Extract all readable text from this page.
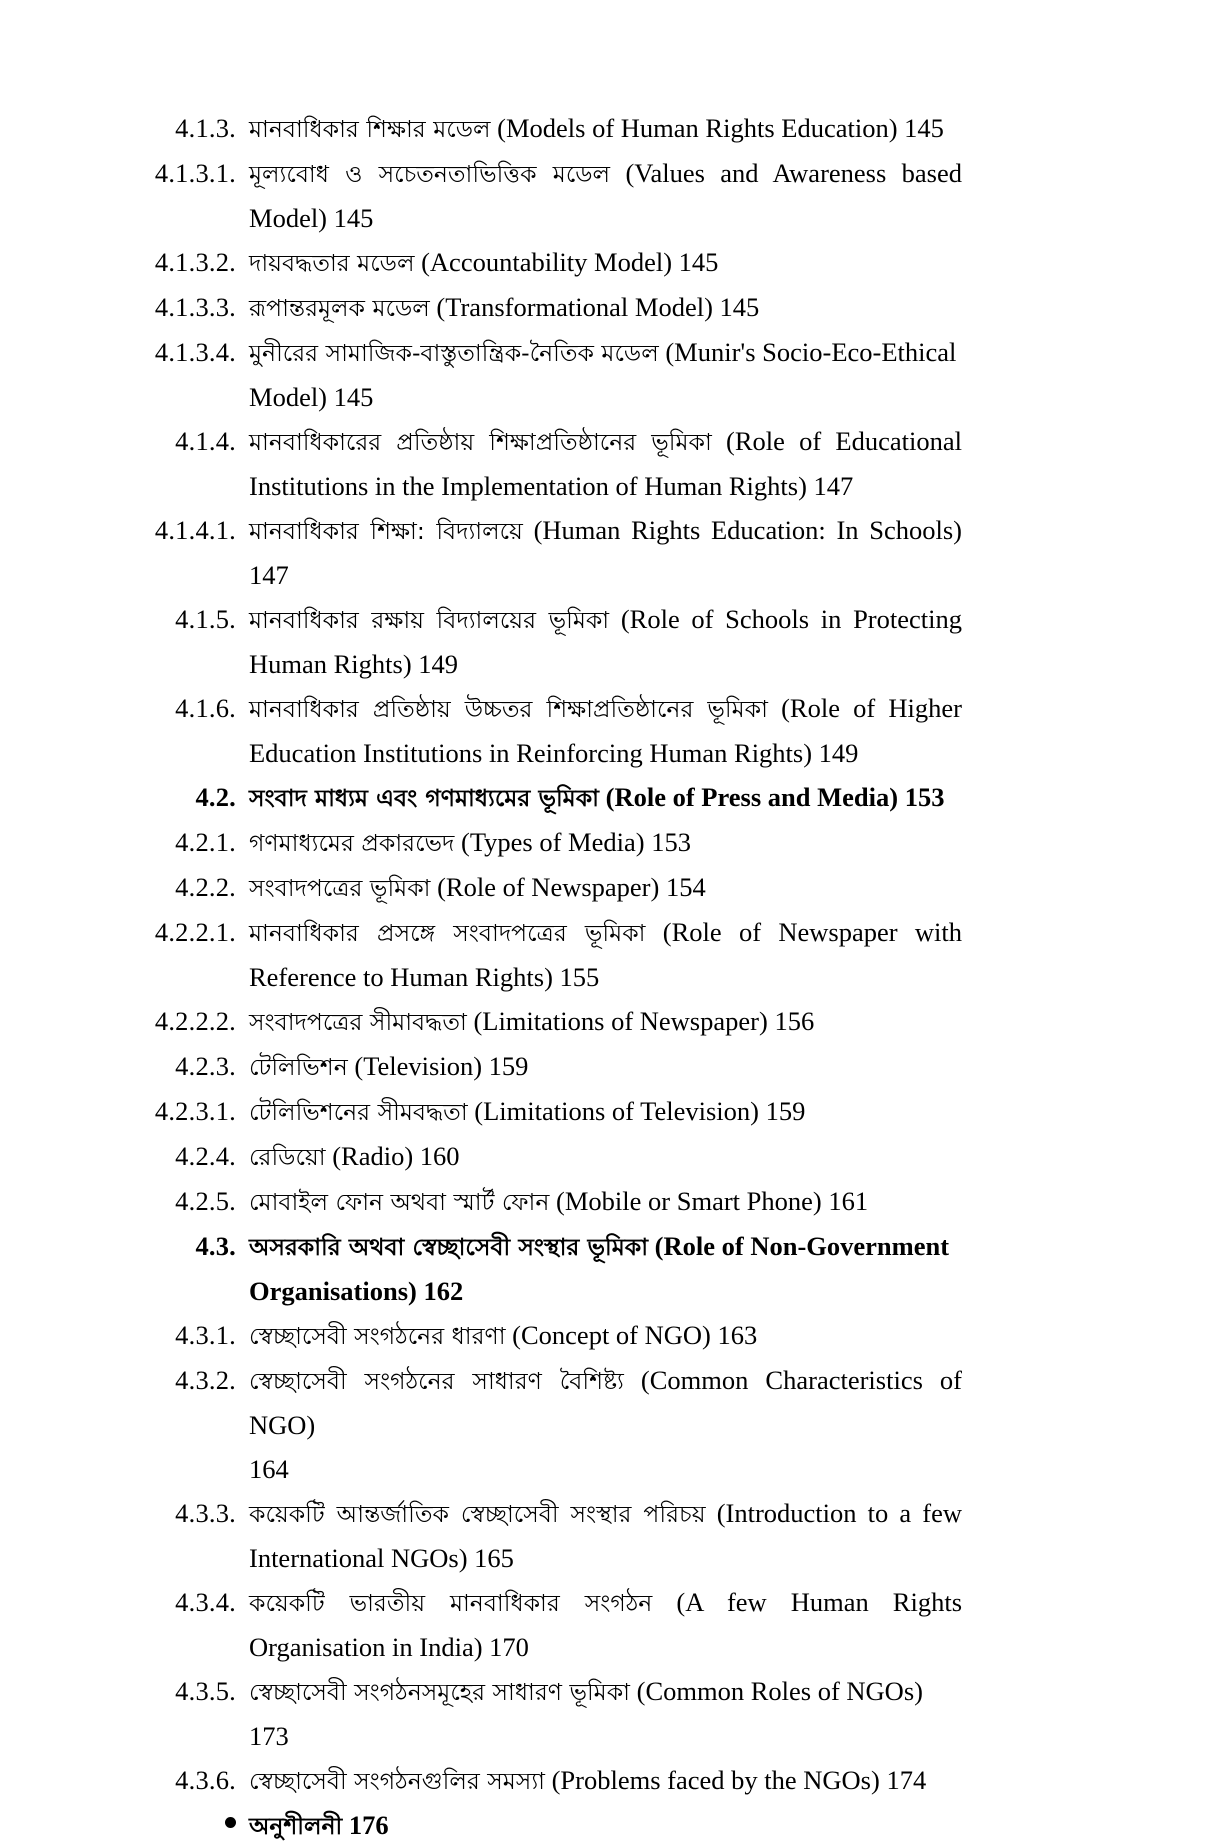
4.1.3. মানবাধিকার শিক্ষার মডেল (Models of Human Rights Education) 145
4.1.3.1. মূল্যবোধ ও সচেতনতাভিত্তিক মডেল (Values and Awareness based
Model) 145
4.1.3.2. দায়বদ্ধতার মডেল (Accountability Model) 145
4.1.3.3. রূপান্তরমূলক মডেল (Transformational Model) 145
4.1.3.4. মুনীরের সামাজিক-বাস্তুতান্ত্রিক-নৈতিক মডেল (Munir's Socio-Eco-Ethical
Model) 145
4.1.4. মানবাধিকারের প্রতিষ্ঠায় শিক্ষাপ্রতিষ্ঠানের ভূমিকা (Role of Educational
Institutions in the Implementation of Human Rights) 147
4.1.4.1. মানবাধিকার শিক্ষা: বিদ্যালয়ে (Human Rights Education: In Schools) 147
4.1.5. মানবাধিকার রক্ষায় বিদ্যালয়ের ভূমিকা (Role of Schools in Protecting
Human Rights) 149
4.1.6. মানবাধিকার প্রতিষ্ঠায় উচ্চতর শিক্ষাপ্রতিষ্ঠানের ভূমিকা (Role of Higher
Education Institutions in Reinforcing Human Rights) 149
4.2. সংবাদ মাধ্যম এবং গণমাধ্যমের ভূমিকা (Role of Press and Media) 153
4.2.1. গণমাধ্যমের প্রকারভেদ (Types of Media) 153
4.2.2. সংবাদপত্রের ভূমিকা (Role of Newspaper) 154
4.2.2.1. মানবাধিকার প্রসঙ্গে সংবাদপত্রের ভূমিকা (Role of Newspaper with
Reference to Human Rights) 155
4.2.2.2. সংবাদপত্রের সীমাবদ্ধতা (Limitations of Newspaper) 156
4.2.3. টেলিভিশন (Television) 159
4.2.3.1. টেলিভিশনের সীমবদ্ধতা (Limitations of Television) 159
4.2.4. রেডিয়ো (Radio) 160
4.2.5. মোবাইল ফোন অথবা স্মার্ট ফোন (Mobile or Smart Phone) 161
4.3. অসরকারি অথবা স্বেচ্ছাসেবী সংস্থার ভূমিকা (Role of Non-Government
Organisations) 162
4.3.1. স্বেচ্ছাসেবী সংগঠনের ধারণা (Concept of NGO) 163
4.3.2. স্বেচ্ছাসেবী সংগঠনের সাধারণ বৈশিষ্ট্য (Common Characteristics of NGO)
164
4.3.3. কয়েকটি আন্তর্জাতিক স্বেচ্ছাসেবী সংস্থার পরিচয় (Introduction to a few
International NGOs) 165
4.3.4. কয়েকটি ভারতীয় মানবাধিকার সংগঠন (A few Human Rights
Organisation in India) 170
4.3.5. স্বেচ্ছাসেবী সংগঠনসমূহের সাধারণ ভূমিকা (Common Roles of NGOs)
173
4.3.6. স্বেচ্ছাসেবী সংগঠনগুলির সমস্যা (Problems faced by the NGOs) 174
অনুশীলনী 176
